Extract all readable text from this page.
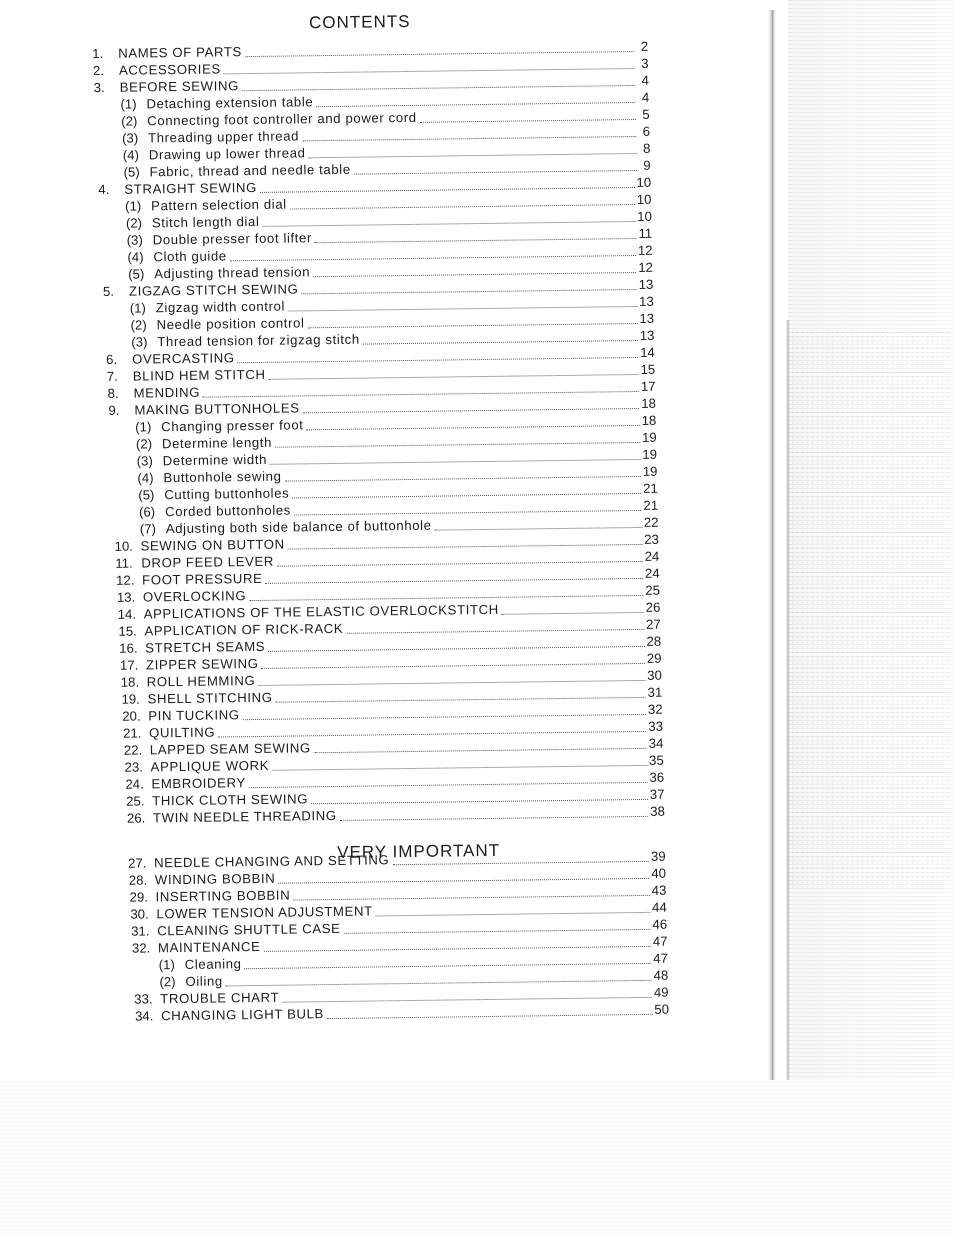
CONTENTS
VERY IMPORTANT
1.	NAMES OF PARTS	2
2.	ACCESSORIES	3
3.	BEFORE SEWING	4
(1) Detaching extension table	4
(2) Connecting foot controller and power cord	5
(3) Threading upper thread	6
(4) Drawing up lower thread	8
(5) Fabric, thread and needle table	9
4.	STRAIGHT SEWING	10
(1) Pattern selection dial	10
(2) Stitch length dial	10
(3) Double presser foot lifter	11
(4) Cloth guide	12
(5) Adjusting thread tension	12
5.	ZIGZAG STITCH SEWING	13
(1) Zigzag width control	13
(2) Needle position control	13
(3) Thread tension for zigzag stitch	13
6.	OVERCASTING	14
7.	BLIND HEM STITCH	15
8.	MENDING	17
9.	MAKING BUTTONHOLES	18
(1) Changing presser foot	18
(2) Determine length	19
(3) Determine width	19
(4) Buttonhole sewing	19
(5) Cutting buttonholes	21
(6) Corded buttonholes	21
(7) Adjusting both side balance of buttonhole	22
10. SEWING ON BUTTON	23
11. DROP FEED LEVER	24
12. FOOT PRESSURE	24
13. OVERLOCKING	25
14. APPLICATIONS OF THE ELASTIC OVERLOCKSTITCH	26
15. APPLICATION OF RICK-RACK	27
16. STRETCH SEAMS	28
17. ZIPPER SEWING	29
18. ROLL HEMMING	30
19. SHELL STITCHING	31
20. PIN TUCKING	32
21. QUILTING	33
22. LAPPED SEAM SEWING	34
23. APPLIQUE WORK	35
24. EMBROIDERY	36
25. THICK CLOTH SEWING	37
26. TWIN NEEDLE THREADING	38
27. NEEDLE CHANGING AND SETTING	39
28. WINDING BOBBIN	40
29. INSERTING BOBBIN	43
30. LOWER TENSION ADJUSTMENT	44
31. CLEANING SHUTTLE CASE	46
32. MAINTENANCE	47
(1) Cleaning	47
(2) Oiling	48
33. TROUBLE CHART	49
34. CHANGING LIGHT BULB	50
